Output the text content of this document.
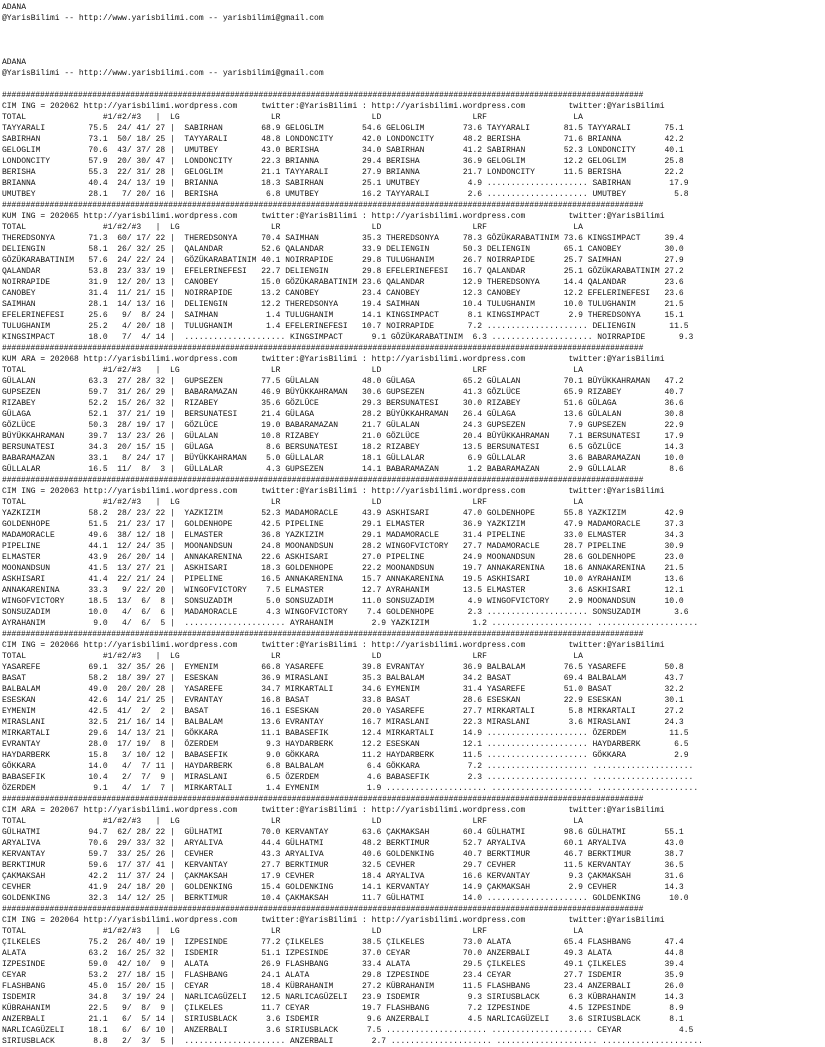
ADANA
@YarisBilimi -- http://www.yarisbilimi.com -- yarisbilimi@gmail.com

ADANA
@YarisBilimi -- http://www.yarisbilimi.com -- yarisbilimi@gmail.com

#######################################################################################################################################
CIM ING = 202062 http://yarisbilimi.wordpress.com     twitter:@YarisBilimi : http://yarisbilimi.wordpress.com         twitter:@YarisBilimi
TOTAL                #1/#2/#3   |  LG                   LR                   LD                   LRF                  LA
TAYYARALI         75.5  24/ 41/ 27 |  SABIRHAN        68.9 GELOGLIM        54.6 GELOGLIM        73.6 TAYYARALI       81.5 TAYYARALI       75.1
SABIRHAN          73.1  50/ 18/ 25 |  TAYYARALI       48.8 LONDONCITY      42.0 LONDONCITY      48.2 BERISHA         71.6 BRIANNA         42.2
GELOGLIM          70.6  43/ 37/ 28 |  UMUTBEY         43.0 BERISHA         34.0 SABIRHAN        41.2 SABIRHAN        52.3 LONDONCITY      40.1
LONDONCITY        57.9  20/ 30/ 47 |  LONDONCITY      22.3 BRIANNA         29.4 BERISHA         36.9 GELOGLIM        12.2 GELOGLIM        25.8
BERISHA           55.3  22/ 31/ 28 |  GELOGLIM        21.1 TAYYARALI       27.9 BRIANNA         21.7 LONDONCITY      11.5 BERISHA         22.2
BRIANNA           40.4  24/ 13/ 19 |  BRIANNA         18.3 SABIRHAN        25.1 UMUTBEY          4.9 ..................... SABIRHAN        17.9
UMUTBEY           28.1   7/ 20/ 16 |  BERISHA          6.8 UMUTBEY         16.2 TAYYARALI        2.6 ..................... UMUTBEY          5.8
#######################################################################################################################################
KUM ING = 202065 http://yarisbilimi.wordpress.com     twitter:@YarisBilimi : http://yarisbilimi.wordpress.com         twitter:@YarisBilimi
TOTAL                #1/#2/#3   |  LG                   LR                   LD                   LRF                  LA
THEREDSONYA       71.3  60/ 17/ 22 |  THEREDSONYA     70.4 SAIMHAN         35.3 THEREDSONYA     78.3 GÖZÜKARABATINIM 73.6 KINGSIMPACT     39.4
DELIENGIN         58.1  26/ 32/ 25 |  QALANDAR        52.6 QALANDAR        33.9 DELIENGIN       50.3 DELIENGIN       65.1 CANOBEY         30.0
GÖZÜKARABATINIM   57.6  24/ 22/ 24 |  GÖZÜKARABATINIM 40.1 NOIRRAPIDE      29.8 TULUGHANIM      26.7 NOIRRAPIDE      25.7 SAIMHAN         27.9
QALANDAR          53.8  23/ 33/ 19 |  EFELERINEFESI   22.7 DELIENGIN       29.8 EFELERINEFESI   16.7 QALANDAR        25.1 GÖZÜKARABATINIM 27.2
NOIRRAPIDE        31.9  12/ 20/ 13 |  CANOBEY         15.0 GÖZÜKARABATINIM 23.6 QALANDAR        12.9 THEREDSONYA     14.4 QALANDAR        23.6
CANOBEY           31.4  11/ 21/ 15 |  NOIRRAPIDE      13.2 CANOBEY         23.4 CANOBEY         12.3 CANOBEY         12.2 EFELERINEFESI   23.6
SAIMHAN           28.1  14/ 13/ 16 |  DELIENGIN       12.2 THEREDSONYA     19.4 SAIMHAN         10.4 TULUGHANIM      10.0 TULUGHANIM      21.5
EFELERINEFESI     25.6   9/  8/ 24 |  SAIMHAN          1.4 TULUGHANIM      14.1 KINGSIMPACT      8.1 KINGSIMPACT      2.9 THEREDSONYA     15.1
TULUGHANIM        25.2   4/ 20/ 18 |  TULUGHANIM       1.4 EFELERINEFESI   10.7 NOIRRAPIDE       7.2 ..................... DELIENGIN       11.5
KINGSIMPACT       18.0   7/  4/ 14 |  ..................... KINGSIMPACT      9.1 GÖZÜKARABATINIM  6.3 ..................... NOIRRAPIDE       9.3
#######################################################################################################################################
KUM ARA = 202068 http://yarisbilimi.wordpress.com     twitter:@YarisBilimi : http://yarisbilimi.wordpress.com         twitter:@YarisBilimi
TOTAL                #1/#2/#3   |  LG                   LR                   LD                   LRF                  LA
GÜLALAN           63.3  27/ 28/ 32 |  GUPSEZEN        77.5 GÜLALAN         48.0 GÜLAGA          65.2 GÜLALAN         70.1 BÜYÜKKAHRAMAN   47.2
GUPSEZEN          59.7  31/ 26/ 29 |  BABARAMAZAN     46.9 BÜYÜKKAHRAMAN   30.6 GUPSEZEN        41.3 GÖZLÜCE         65.9 RIZABEY         40.7
RIZABEY           52.2  15/ 26/ 32 |  RIZABEY         35.6 GÖZLÜCE         29.3 BERSUNATESI     30.0 RIZABEY         51.6 GÜLAGA          36.6
GÜLAGA            52.1  37/ 21/ 19 |  BERSUNATESI     21.4 GÜLAGA          28.2 BÜYÜKKAHRAMAN   26.4 GÜLAGA          13.6 GÜLALAN         30.8
GÖZLÜCE           50.3  28/ 19/ 17 |  GÖZLÜCE         19.0 BABARAMAZAN     21.7 GÜLALAN         24.3 GUPSEZEN         7.9 GUPSEZEN        22.9
BÜYÜKKAHRAMAN     39.7  13/ 23/ 26 |  GÜLALAN         10.8 RIZABEY         21.0 GÖZLÜCE         20.4 BÜYÜKKAHRAMAN    7.1 BERSUNATESI     17.9
BERSUNATESI       34.3  20/ 15/ 15 |  GÜLAGA           8.6 BERSUNATESI     18.2 RIZABEY         13.5 BERSUNATESI      6.5 GÖZLÜCE         14.3
BABARAMAZAN       33.1   8/ 24/ 17 |  BÜYÜKKAHRAMAN    5.0 GÜLLALAR        18.1 GÜLLALAR         6.9 GÜLLALAR         3.6 BABARAMAZAN     10.0
GÜLLALAR          16.5  11/  8/  3 |  GÜLLALAR         4.3 GUPSEZEN        14.1 BABARAMAZAN      1.2 BABARAMAZAN      2.9 GÜLLALAR         8.6
#######################################################################################################################################
CIM ING = 202063 http://yarisbilimi.wordpress.com     twitter:@YarisBilimi : http://yarisbilimi.wordpress.com         twitter:@YarisBilimi
TOTAL                #1/#2/#3   |  LG                   LR                   LD                   LRF                  LA
YAZKIZIM          58.2  28/ 23/ 22 |  YAZKIZIM        52.3 MADAMORACLE     43.9 ASKHISARI       47.0 GOLDENHOPE      55.8 YAZKIZIM        42.9
GOLDENHOPE        51.5  21/ 23/ 17 |  GOLDENHOPE      42.5 PIPELINE        29.1 ELMASTER        36.9 YAZKIZIM        47.9 MADAMORACLE     37.3
MADAMORACLE       49.6  38/ 12/ 18 |  ELMASTER        36.8 YAZKIZIM        29.1 MADAMORACLE     31.4 PIPELINE        33.0 ELMASTER        34.3
PIPELINE          44.1  12/ 24/ 35 |  MOONANDSUN      24.8 MOONANDSUN      28.2 WINGOFVICTORY   27.7 MADAMORACLE     28.7 PIPELINE        30.9
ELMASTER          43.9  26/ 20/ 14 |  ANNAKARENINA    22.6 ASKHISARI       27.0 PIPELINE        24.9 MOONANDSUN      28.6 GOLDENHOPE      23.0
MOONANDSUN        41.5  13/ 27/ 21 |  ASKHISARI       18.3 GOLDENHOPE      22.2 MOONANDSUN      19.7 ANNAKARENINA    18.6 ANNAKARENINA    21.5
ASKHISARI         41.4  22/ 21/ 24 |  PIPELINE        16.5 ANNAKARENINA    15.7 ANNAKARENINA    19.5 ASKHISARI       10.0 AYRAHANIM       13.6
ANNAKARENINA      33.3   9/ 22/ 20 |  WINGOFVICTORY    7.5 ELMASTER        12.7 AYRAHANIM       13.5 ELMASTER         3.6 ASKHISARI       12.1
WINGOFVICTORY     18.5  13/  6/  8 |  SONSUZADIM       5.0 SONSUZADIM      11.0 SONSUZADIM       4.9 WINGOFVICTORY    2.9 MOONANDSUN      10.0
SONSUZADIM        10.0   4/  6/  6 |  MADAMORACLE      4.3 WINGOFVICTORY    7.4 GOLDENHOPE       2.3 ..................... SONSUZADIM       3.6
AYRAHANIM          9.0   4/  6/  5 |  ..................... AYRAHANIM        2.9 YAZKIZIM         1.2 ..................... .....................
#######################################################################################################################################
CIM ING = 202066 http://yarisbilimi.wordpress.com     twitter:@YarisBilimi : http://yarisbilimi.wordpress.com         twitter:@YarisBilimi
TOTAL                #1/#2/#3   |  LG                   LR                   LD                   LRF                  LA
YASAREFE          69.1  32/ 35/ 26 |  EYMENIM         66.8 YASAREFE        39.8 EVRANTAY        36.9 BALBALAM        76.5 YASAREFE        50.8
BASAT             58.2  18/ 39/ 27 |  ESESKAN         36.9 MIRASLANI       35.3 BALBALAM        34.2 BASAT           69.4 BALBALAM        43.7
BALBALAM          49.0  20/ 20/ 28 |  YASAREFE        34.7 MIRKARTALI      34.6 EYMENIM         31.4 YASAREFE        51.0 BASAT           32.2
ESESKAN           42.6  14/ 21/ 25 |  EVRANTAY        16.8 BASAT           33.8 BASAT           28.6 ESESKAN         22.9 ESESKAN         30.1
EYMENIM           42.5  41/  2/  2 |  BASAT           16.1 ESESKAN         20.0 YASAREFE        27.7 MIRKARTALI       5.8 MIRKARTALI      27.2
MIRASLANI         32.5  21/ 16/ 14 |  BALBALAM        13.6 EVRANTAY        16.7 MIRASLANI       22.3 MIRASLANI        3.6 MIRASLANI       24.3
MIRKARTALI        29.6  14/ 13/ 21 |  GÖKKARA         11.1 BABASEFIK       12.4 MIRKARTALI      14.9 ..................... ÖZERDEM         11.5
EVRANTAY          28.0  17/ 19/  8 |  ÖZERDEM          9.3 HAYDARBERK      12.2 ESESKAN         12.1 ..................... HAYDARBERK       6.5
HAYDARBERK        15.8   3/ 10/ 12 |  BABASEFIK        9.0 GÖKKARA         11.2 HAYDARBERK      11.5 ..................... GÖKKARA          2.9
GÖKKARA           14.0   4/  7/ 11 |  HAYDARBERK       6.8 BALBALAM         6.4 GÖKKARA          7.2 ..................... .....................
BABASEFIK         10.4   2/  7/  9 |  MIRASLANI        6.5 ÖZERDEM          4.6 BABASEFIK        2.3 ..................... .....................
ÖZERDEM            9.1   4/  1/  7 |  MIRKARTALI       1.4 EYMENIM          1.9 ..................... ..................... .....................
#######################################################################################################################################
CIM ARA = 202067 http://yarisbilimi.wordpress.com     twitter:@YarisBilimi : http://yarisbilimi.wordpress.com         twitter:@YarisBilimi
TOTAL                #1/#2/#3   |  LG                   LR                   LD                   LRF                  LA
GÜLHATMI          94.7  62/ 28/ 22 |  GÜLHATMI        70.0 KERVANTAY       63.6 ÇAKMAKSAH       60.4 GÜLHATMI        98.6 GÜLHATMI        55.1
ARYALIVA          70.6  29/ 33/ 32 |  ARYALIVA        44.4 GÜLHATMI        48.2 BERKTIMUR       52.7 ARYALIVA        60.1 ARYALIVA        43.0
KERVANTAY         59.7  33/ 25/ 26 |  CEVHER          43.3 ARYALIVA        40.6 GOLDENKING      40.7 BERKTIMUR       46.7 BERKTIMUR       38.7
BERKTIMUR         59.6  17/ 37/ 41 |  KERVANTAY       27.7 BERKTIMUR       32.5 CEVHER          29.7 CEVHER          11.5 KERVANTAY       36.5
ÇAKMAKSAH         42.2  11/ 37/ 24 |  ÇAKMAKSAH       17.9 CEVHER          18.4 ARYALIVA        16.6 KERVANTAY        9.3 ÇAKMAKSAH       31.6
CEVHER            41.9  24/ 18/ 20 |  GOLDENKING      15.4 GOLDENKING      14.1 KERVANTAY       14.9 ÇAKMAKSAH        2.9 CEVHER          14.3
GOLDENKING        32.3  14/ 12/ 25 |  BERKTIMUR       10.4 ÇAKMAKSAH       11.7 GÜLHATMI        14.0 ..................... GOLDENKING      10.0
#######################################################################################################################################
CIM ING = 202064 http://yarisbilimi.wordpress.com     twitter:@YarisBilimi : http://yarisbilimi.wordpress.com         twitter:@YarisBilimi
TOTAL                #1/#2/#3   |  LG                   LR                   LD                   LRF                  LA
ÇILKELES          75.2  26/ 40/ 19 |  IZPESINDE       77.2 ÇILKELES        38.5 ÇILKELES        73.0 ALATA           65.4 FLASHBANG       47.4
ALATA             63.2  16/ 25/ 32 |  ISDEMIR         51.1 IZPESINDE       37.0 CEYAR           70.0 ANZERBALI       49.3 ALATA           44.8
IZPESINDE         59.0  42/ 10/  9 |  ALATA           26.9 FLASHBANG       33.4 ALATA           29.5 ÇILKELES        49.1 ÇILKELES        39.4
CEYAR             53.2  27/ 18/ 15 |  FLASHBANG       24.1 ALATA           29.8 IZPESINDE       23.4 CEYAR           27.7 ISDEMIR         35.9
FLASHBANG         45.0  15/ 20/ 15 |  CEYAR           18.4 KÜBRAHANIM      27.2 KÜBRAHANIM      11.5 FLASHBANG       23.4 ANZERBALI       26.0
ISDEMIR           34.8   3/ 19/ 24 |  NARLICAGÜZELI   12.5 NARLICAGÜZELI   23.9 ISDEMIR          9.3 SIRIUSBLACK      6.3 KÜBRAHANIM      14.3
KÜBRAHANIM        22.5   9/  8/  9 |  ÇILKELES        11.7 CEYAR           19.7 FLASHBANG        7.2 IZPESINDE        4.5 IZPESINDE        8.9
ANZERBALI         21.1   6/  5/ 14 |  SIRIUSBLACK      3.6 ISDEMIR          9.6 ANZERBALI        4.5 NARLICAGÜZELI    3.6 SIRIUSBLACK      8.1
NARLICAGÜZELI     18.1   6/  6/ 10 |  ANZERBALI        3.6 SIRIUSBLACK      7.5 ..................... ..................... CEYAR            4.5
SIRIUSBLACK        8.8   2/  3/  5 |  ..................... ANZERBALI        2.7 ..................... ..................... .....................
